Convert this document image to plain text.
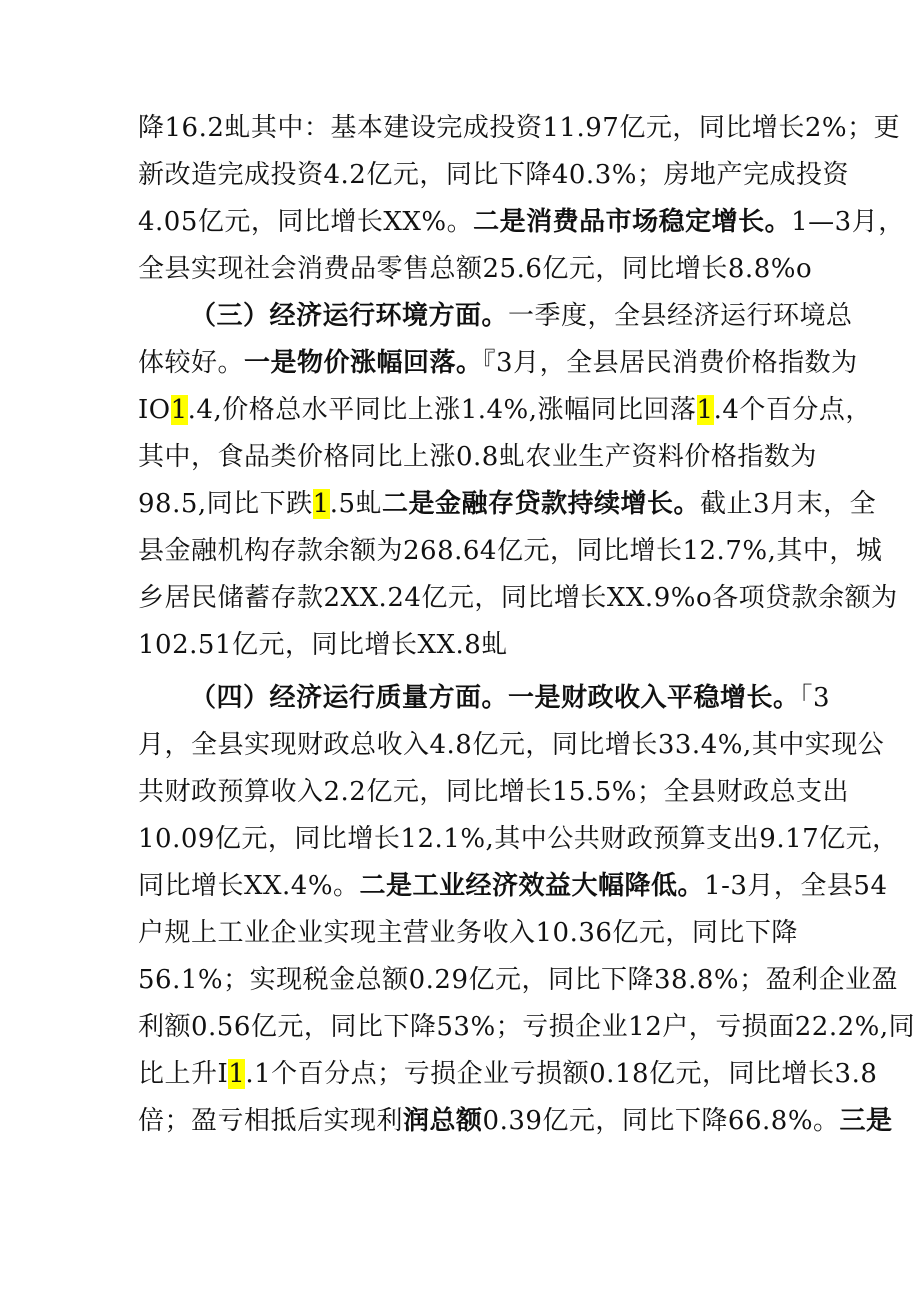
降16.2虬其中：基本建设完成投资11.97亿元，同比增长2%；更
新改造完成投资4.2亿元，同比下降40.3%；房地产完成投资
4.05亿元，同比增长XX%。二是消费品市场稳定增长。1—3月，
全县实现社会消费品零售总额25.6亿元，同比增长8.8%o
（三）经济运行环境方面。一季度，全县经济运行环境总
体较好。一是物价涨幅回落。『3月，全县居民消费价格指数为
IO1.4,价格总水平同比上涨1.4%,涨幅同比回落1.4个百分点，
其中，食品类价格同比上涨0.8虬农业生产资料价格指数为
98.5,同比下跌1.5虬二是金融存贷款持续增长。截止3月末，全
县金融机构存款余额为268.64亿元，同比增长12.7%,其中，城
乡居民储蓄存款2XX.24亿元，同比增长XX.9%o各项贷款余额为
102.51亿元，同比增长XX.8虬
（四）经济运行质量方面。一是财政收入平稳增长。「3
月，全县实现财政总收入4.8亿元，同比增长33.4%,其中实现公
共财政预算收入2.2亿元，同比增长15.5%；全县财政总支出
10.09亿元，同比增长12.1%,其中公共财政预算支出9.17亿元，
同比增长XX.4%。二是工业经济效益大幅降低。1-3月，全县54
户规上工业企业实现主营业务收入10.36亿元，同比下降
56.1%；实现税金总额0.29亿元，同比下降38.8%；盈利企业盈
利额0.56亿元，同比下降53%；亏损企业12户，亏损面22.2%,同
比上升I1.1个百分点；亏损企业亏损额0.18亿元，同比增长3.8
倍；盈亏相抵后实现利润总额0.39亿元，同比下降66.8%。三是
